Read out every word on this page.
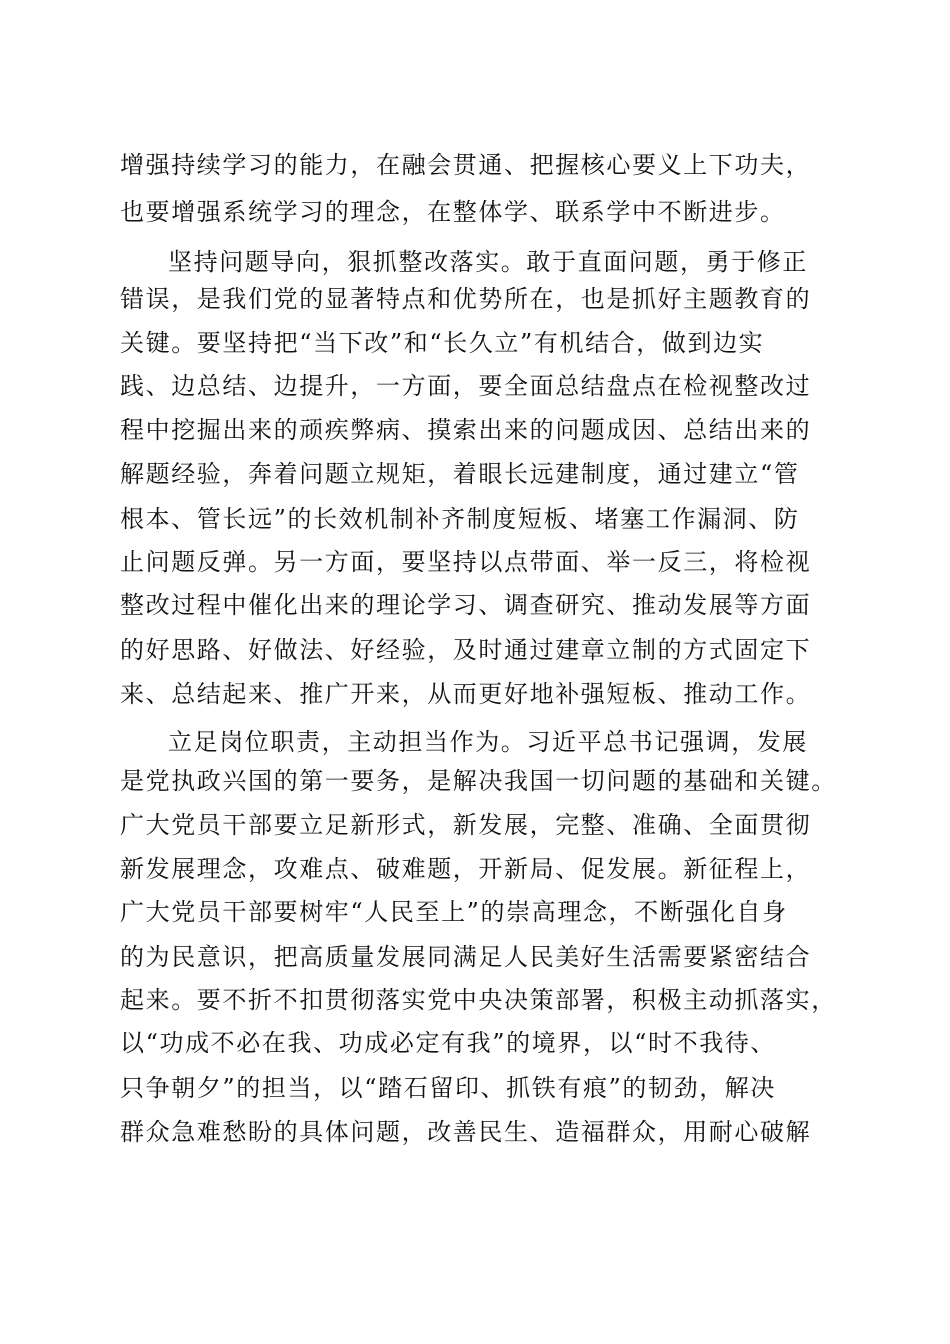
增强持续学习的能力，在融会贯通、把握核心要义上下功夫，
也要增强系统学习的理念，在整体学、联系学中不断进步。
坚持问题导向，狠抓整改落实。敢于直面问题，勇于修正
错误，是我们党的显著特点和优势所在，也是抓好主题教育的
关键。要坚持把“当下改”和“长久立”有机结合，做到边实
践、边总结、边提升，一方面，要全面总结盘点在检视整改过
程中挖掘出来的顽疾弊病、摸索出来的问题成因、总结出来的
解题经验，奔着问题立规矩，着眼长远建制度，通过建立“管
根本、管长远”的长效机制补齐制度短板、堵塞工作漏洞、防
止问题反弹。另一方面，要坚持以点带面、举一反三，将检视
整改过程中催化出来的理论学习、调查研究、推动发展等方面
的好思路、好做法、好经验，及时通过建章立制的方式固定下
来、总结起来、推广开来，从而更好地补强短板、推动工作。
立足岗位职责，主动担当作为。习近平总书记强调，发展
是党执政兴国的第一要务，是解决我国一切问题的基础和关键。
广大党员干部要立足新形式，新发展，完整、准确、全面贯彻
新发展理念，攻难点、破难题，开新局、促发展。新征程上，
广大党员干部要树牢“人民至上”的崇高理念，不断强化自身
的为民意识，把高质量发展同满足人民美好生活需要紧密结合
起来。要不折不扣贯彻落实党中央决策部署，积极主动抓落实，
以“功成不必在我、功成必定有我”的境界，以“时不我待、
只争朝夕”的担当，以“踏石留印、抓铁有痕”的韧劲，解决
群众急难愁盼的具体问题，改善民生、造福群众，用耐心破解
